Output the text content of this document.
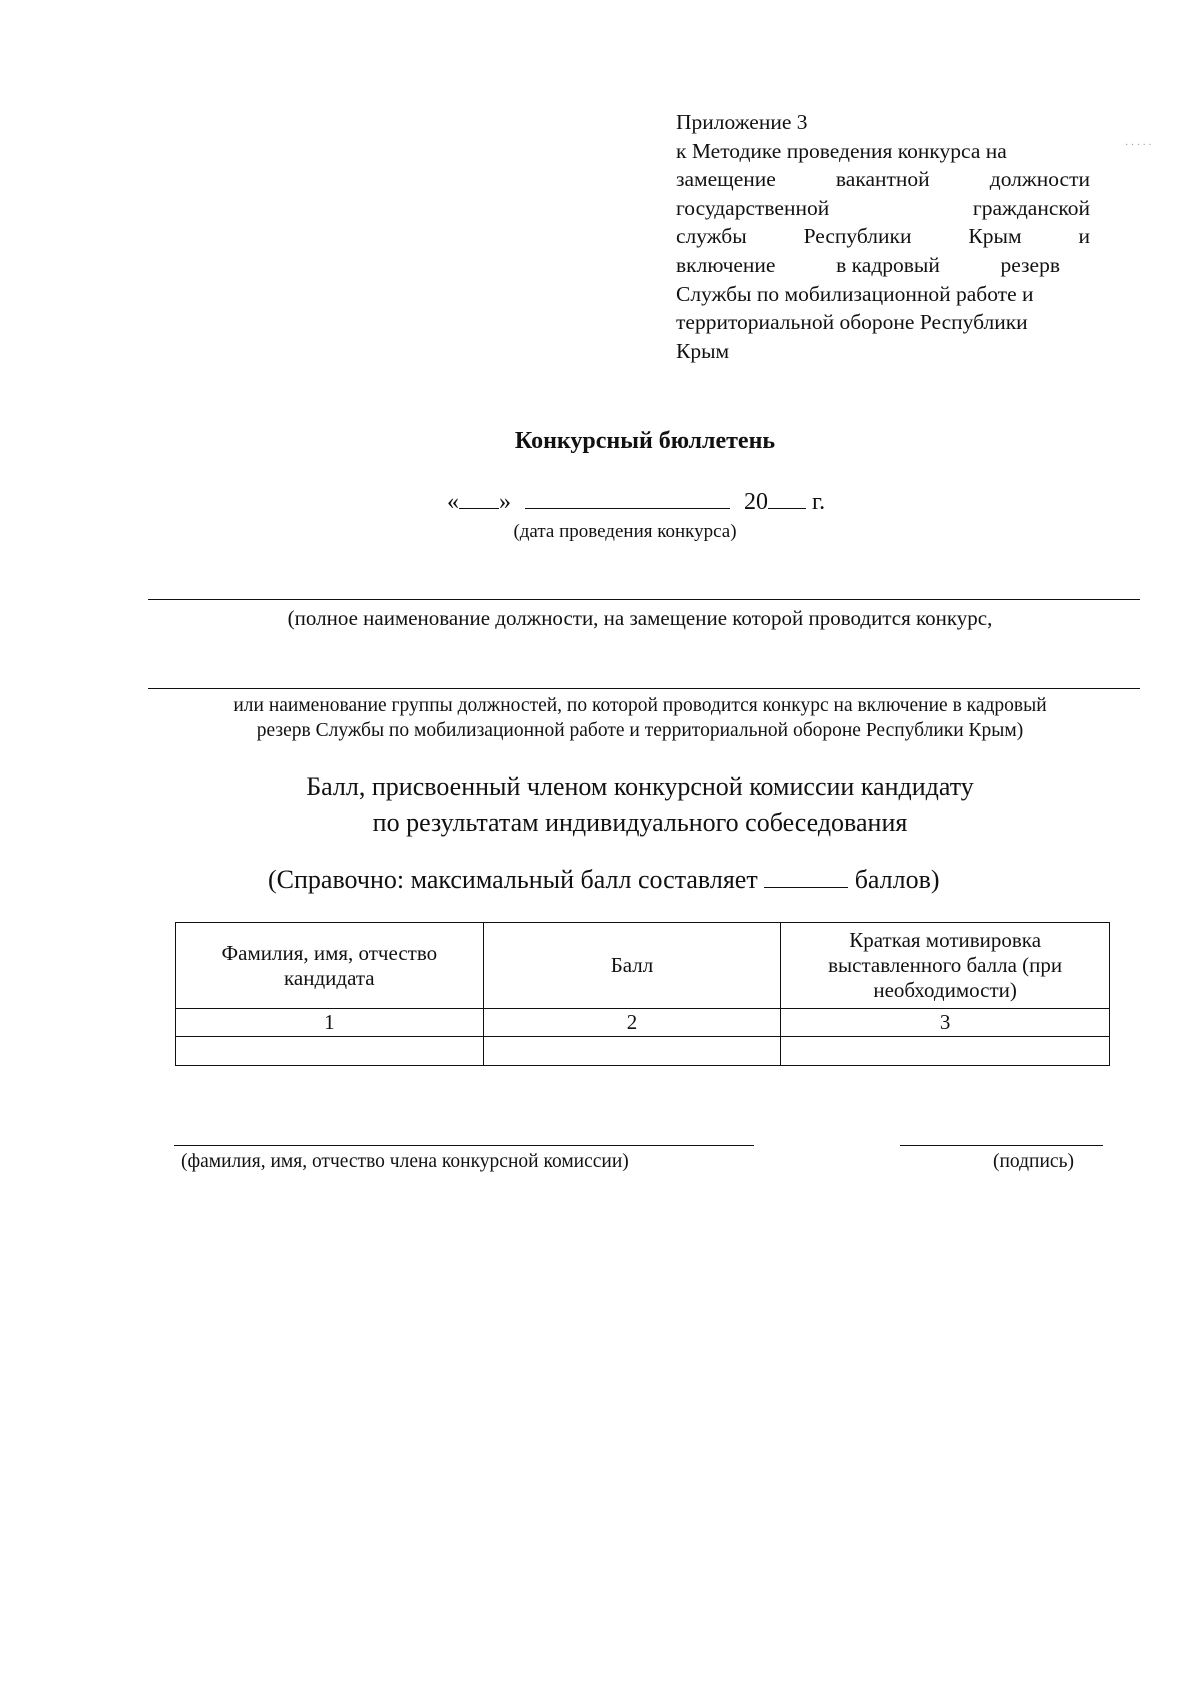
Приложение 3
к Методике проведения конкурса на
замещение	вакантной	должности
государственной	гражданской
службы	Республики	Крым	и
включение	в кадровый	резерв
Службы по мобилизационной работе и
территориальной обороне Республики
Крым
· · · · ·
Конкурсный бюллетень
« »	20 г.
(дата проведения конкурса)
(полное наименование должности, на замещение которой проводится конкурс,
или наименование группы должностей, по которой проводится конкурс на включение в кадровый
резерв Службы по мобилизационной работе и территориальной обороне Республики Крым)
Балл, присвоенный членом конкурсной комиссии кандидату
по результатам индивидуального собеседования
(Справочно: максимальный балл составляет	баллов)
Фамилия, имя, отчество кандидата	Балл	Краткая мотивировка выставленного балла (при необходимости)
1	2	3

(фамилия, имя, отчество члена конкурсной комиссии)	(подпись)
